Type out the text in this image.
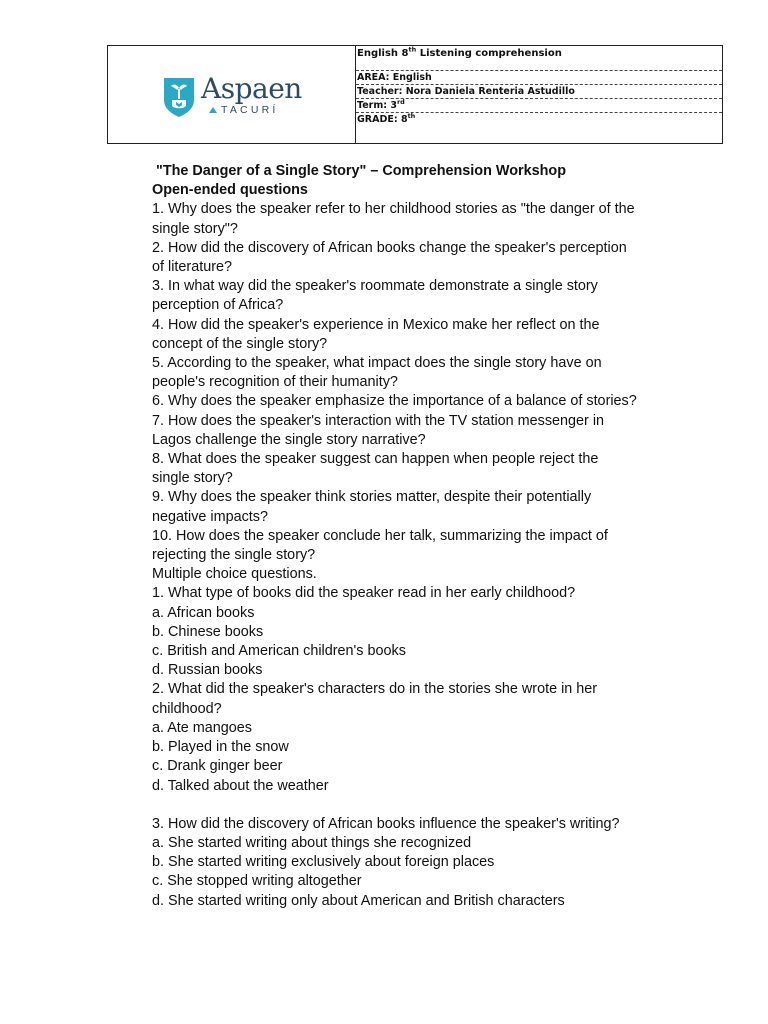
Aspaen
TACURÍ
English 8th Listening comprehension
AREA: English
Teacher: Nora Daniela Renteria Astudillo
Term: 3rd
GRADE: 8th

"The Danger of a Single Story" – Comprehension Workshop

Open-ended questions

1. Why does the speaker refer to her childhood stories as "the danger of the

single story"?

2. How did the discovery of African books change the speaker's perception

of literature?

3. In what way did the speaker's roommate demonstrate a single story

perception of Africa?

4. How did the speaker's experience in Mexico make her reflect on the

concept of the single story?

5. According to the speaker, what impact does the single story have on

people's recognition of their humanity?

6. Why does the speaker emphasize the importance of a balance of stories?

7. How does the speaker's interaction with the TV station messenger in

Lagos challenge the single story narrative?

8. What does the speaker suggest can happen when people reject the

single story?

9. Why does the speaker think stories matter, despite their potentially

negative impacts?

10. How does the speaker conclude her talk, summarizing the impact of

rejecting the single story?

Multiple choice questions.

1. What type of books did the speaker read in her early childhood?

a. African books

b. Chinese books

c. British and American children's books

d. Russian books

2. What did the speaker's characters do in the stories she wrote in her

childhood?

a. Ate mangoes

b. Played in the snow

c. Drank ginger beer

d. Talked about the weather

3. How did the discovery of African books influence the speaker's writing?

a. She started writing about things she recognized

b. She started writing exclusively about foreign places

c. She stopped writing altogether

d. She started writing only about American and British characters
